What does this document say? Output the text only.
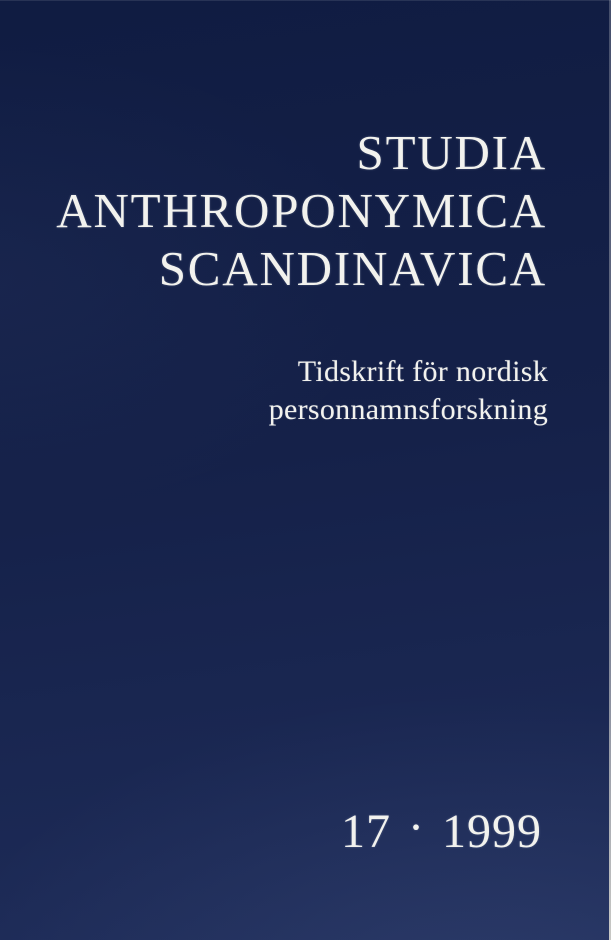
STUDIA
ANTHROPONYMICA
SCANDINAVICA

Tidskrift för nordisk
personnamnsforskning

17 · 1999
